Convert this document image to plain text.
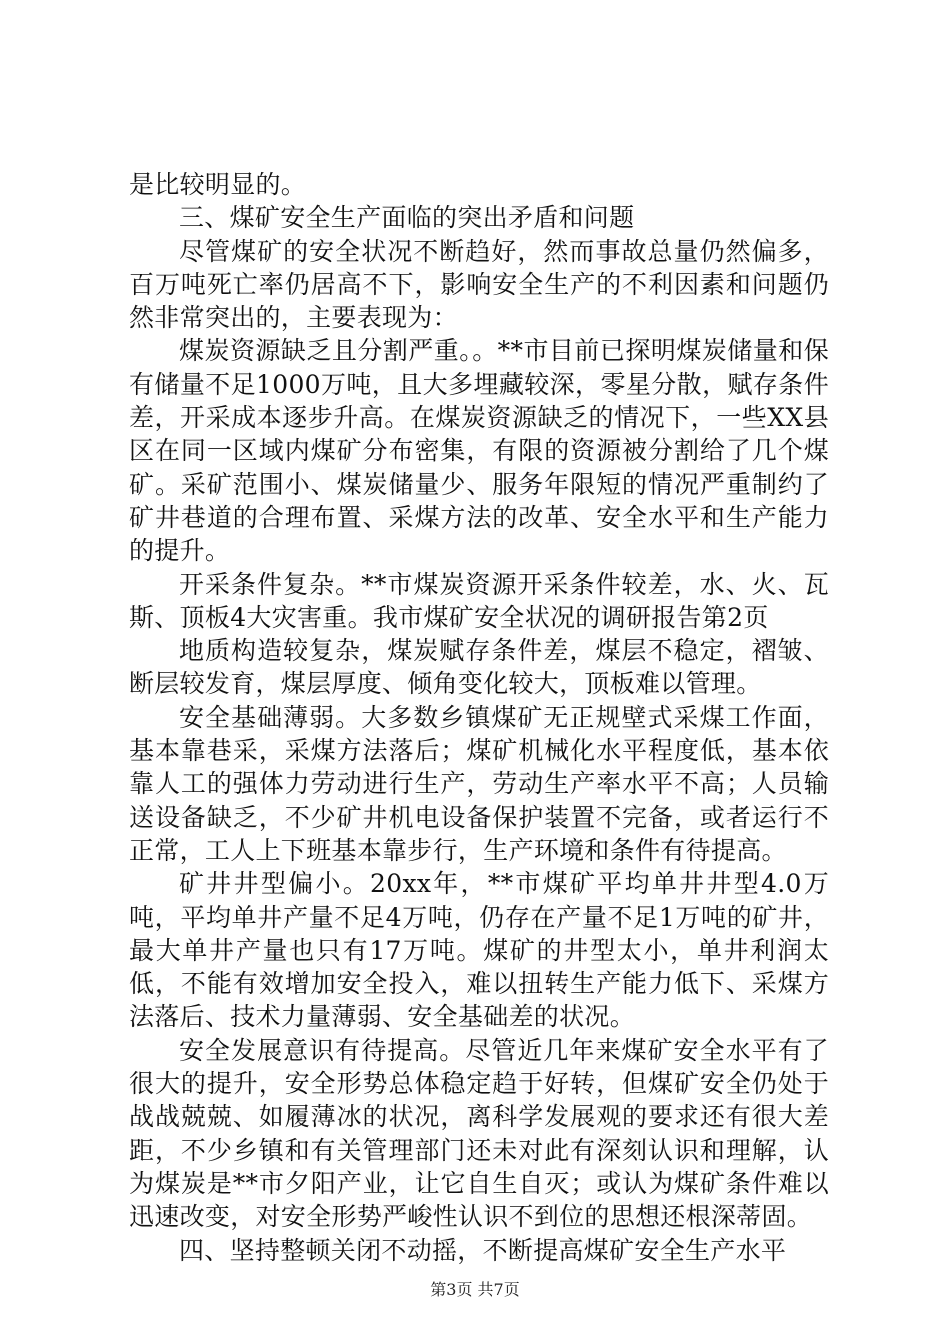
是比较明显的。

三、煤矿安全生产面临的突出矛盾和问题

尽管煤矿的安全状况不断趋好，然而事故总量仍然偏多，百万吨死亡率仍居高不下，影响安全生产的不利因素和问题仍然非常突出的，主要表现为：

煤炭资源缺乏且分割严重。。**市目前已探明煤炭储量和保有储量不足1000万吨，且大多埋藏较深，零星分散，赋存条件差，开采成本逐步升高。在煤炭资源缺乏的情况下，一些XX县区在同一区域内煤矿分布密集，有限的资源被分割给了几个煤矿。采矿范围小、煤炭储量少、服务年限短的情况严重制约了矿井巷道的合理布置、采煤方法的改革、安全水平和生产能力的提升。

开采条件复杂。**市煤炭资源开采条件较差，水、火、瓦斯、顶板4大灾害重。我市煤矿安全状况的调研报告第2页

地质构造较复杂，煤炭赋存条件差，煤层不稳定，褶皱、断层较发育，煤层厚度、倾角变化较大，顶板难以管理。

安全基础薄弱。大多数乡镇煤矿无正规壁式采煤工作面，基本靠巷采，采煤方法落后；煤矿机械化水平程度低，基本依靠人工的强体力劳动进行生产，劳动生产率水平不高；人员输送设备缺乏，不少矿井机电设备保护装置不完备，或者运行不正常，工人上下班基本靠步行，生产环境和条件有待提高。

矿井井型偏小。20xx年，**市煤矿平均单井井型4.0万吨，平均单井产量不足4万吨，仍存在产量不足1万吨的矿井，最大单井产量也只有17万吨。煤矿的井型太小，单井利润太低，不能有效增加安全投入，难以扭转生产能力低下、采煤方法落后、技术力量薄弱、安全基础差的状况。

安全发展意识有待提高。尽管近几年来煤矿安全水平有了很大的提升，安全形势总体稳定趋于好转，但煤矿安全仍处于战战兢兢、如履薄冰的状况，离科学发展观的要求还有很大差距，不少乡镇和有关管理部门还未对此有深刻认识和理解，认为煤炭是**市夕阳产业，让它自生自灭；或认为煤矿条件难以迅速改变，对安全形势严峻性认识不到位的思想还根深蒂固。

四、坚持整顿关闭不动摇，不断提高煤矿安全生产水平

第3页 共7页
